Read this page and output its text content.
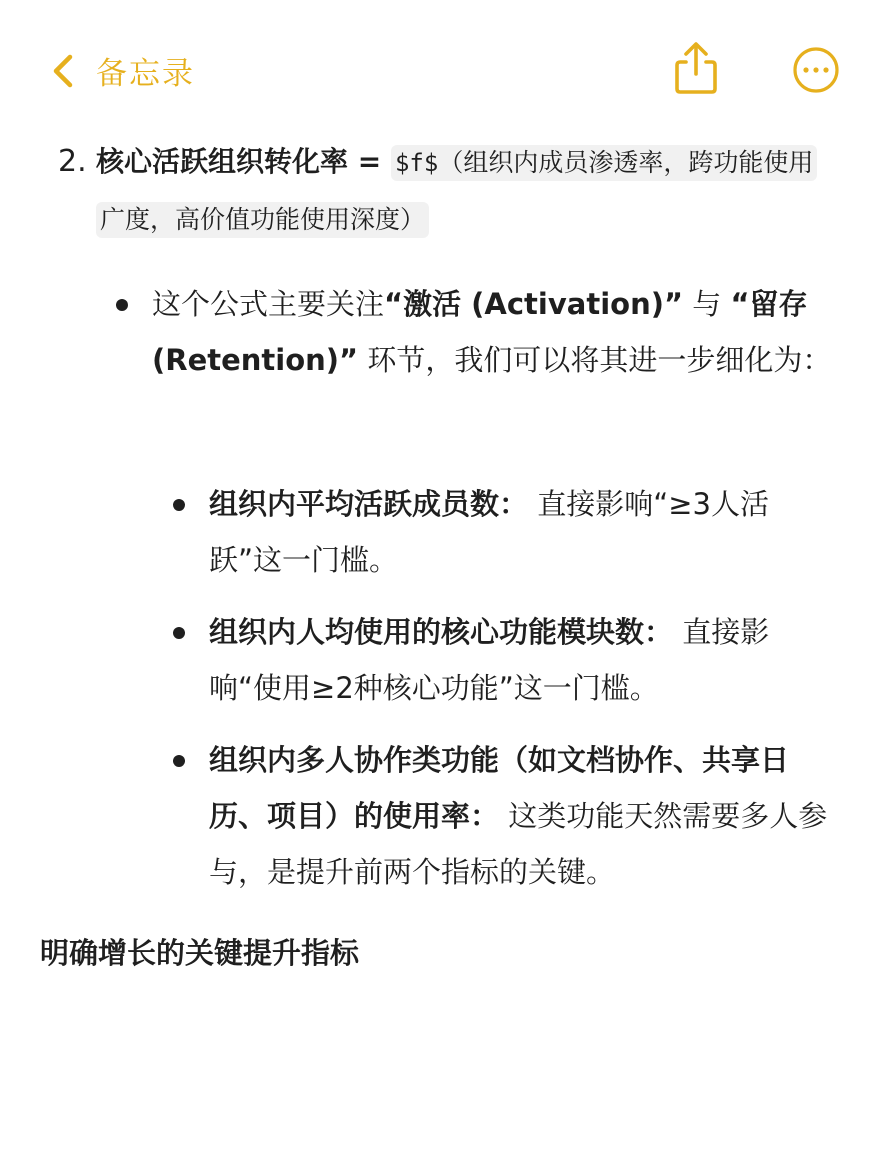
备忘录
2. 核心活跃组织转化率 = $f$（组织内成员渗透率，跨功能使用广度，高价值功能使用深度）
这个公式主要关注“激活 (Activation)” 与 “留存 (Retention)” 环节，我们可以将其进一步细化为：
组织内平均活跃成员数： 直接影响“≥3人活跃”这一门槛。
组织内人均使用的核心功能模块数： 直接影响“使用≥2种核心功能”这一门槛。
组织内多人协作类功能（如文档协作、共享日历、项目）的使用率： 这类功能天然需要多人参与，是提升前两个指标的关键。
明确增长的关键提升指标
